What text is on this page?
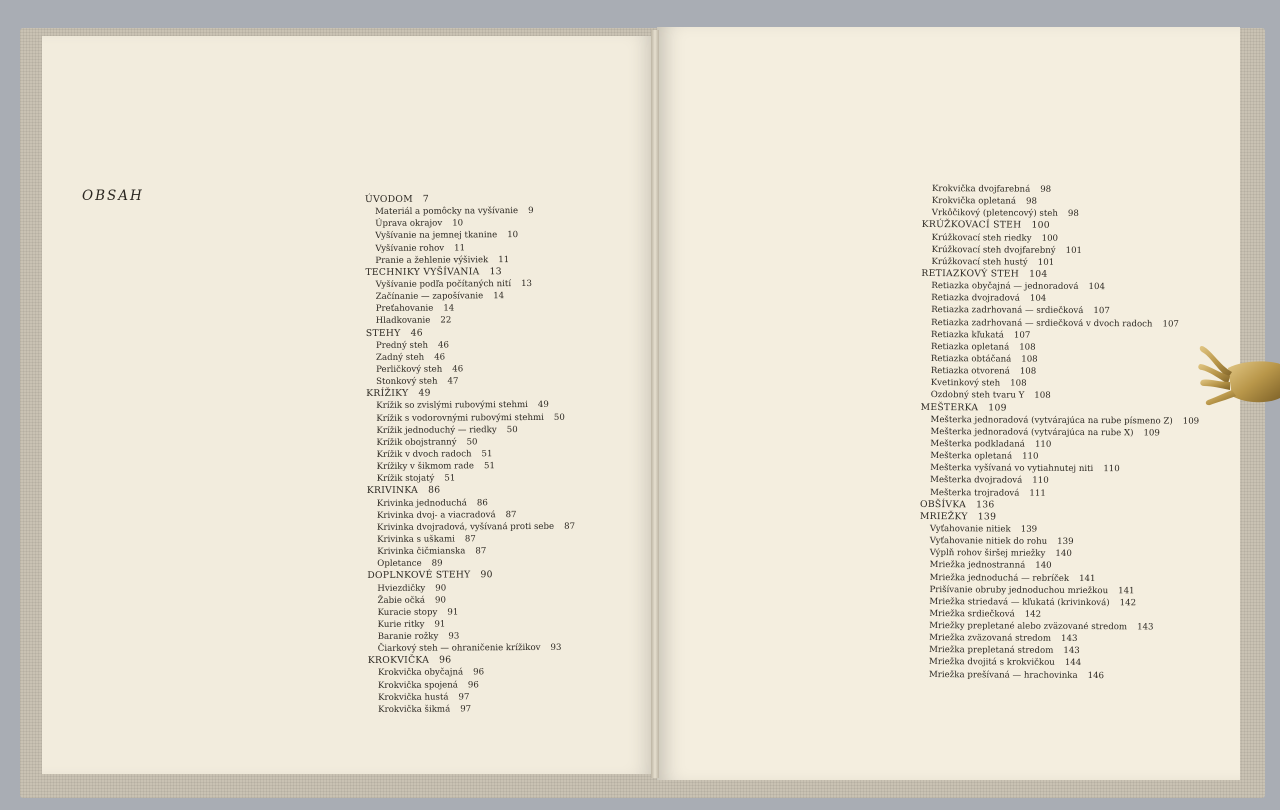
OBSAH	ÚVODOM 7
Materiál a pomôcky na vyšívanie 9
Úprava okrajov 10
Vyšívanie na jemnej tkanine 10
Vyšívanie rohov 11
Pranie a žehlenie výšiviek 11
TECHNIKY VYŠÍVANIA 13
Vyšívanie podľa počítaných nití 13
Začínanie — zapošívanie 14
Preťahovanie 14
Hladkovanie 22
STEHY 46
Predný steh 46
Zadný steh 46
Perličkový steh 46
Stonkový steh 47
KRÍŽIKY 49
Krížik so zvislými rubovými stehmi 49
Krížik s vodorovnými rubovými stehmi 50
Krížik jednoduchý — riedky 50
Krížik obojstranný 50
Krížik v dvoch radoch 51
Krížiky v šikmom rade 51
Krížik stojatý 51
KRIVINKA 86
Krivinka jednoduchá 86
Krivinka dvoj- a viacradová 87
Krivinka dvojradová, vyšívaná proti sebe 87
Krivinka s uškami 87
Krivinka čičmianska 87
Opletance 89
DOPLNKOVÉ STEHY 90
Hviezdičky 90
Žabie očká 90
Kuracie stopy 91
Kurie ritky 91
Baranie rožky 93
Čiarkový steh — ohraničenie krížikov 93
KROKVIČKA 96
Krokvička obyčajná 96
Krokvička spojená 96
Krokvička hustá 97
Krokvička šikmá 97
Krokvička dvojfarebná 98
Krokvička opletaná 98
Vrkôčikový (pletencový) steh 98
KRÚŽKOVACÍ STEH 100
Krúžkovací steh riedky 100
Krúžkovací steh dvojfarebný 101
Krúžkovací steh hustý 101
RETIAZKOVÝ STEH 104
Retiazka obyčajná — jednoradová 104
Retiazka dvojradová 104
Retiazka zadrhovaná — srdiečková 107
Retiazka zadrhovaná — srdiečková v dvoch radoch 107
Retiazka kľukatá 107
Retiazka opletaná 108
Retiazka obtáčaná 108
Retiazka otvorená 108
Kvetinkový steh 108
Ozdobný steh tvaru Y 108
MEŠTERKA 109
Mešterka jednoradová (vytvárajúca na rube písmeno Z) 109
Mešterka jednoradová (vytvárajúca na rube X) 109
Mešterka podkladaná 110
Mešterka opletaná 110
Mešterka vyšívaná vo vytiahnutej niti 110
Mešterka dvojradová 110
Mešterka trojradová 111
OBŠÍVKA 136
MRIEŽKY 139
Vyťahovanie nitiek 139
Vyťahovanie nitiek do rohu 139
Výplň rohov širšej mriežky 140
Mriežka jednostranná 140
Mriežka jednoduchá — rebríček 141
Prišívanie obruby jednoduchou mriežkou 141
Mriežka striedavá — kľukatá (krivinková) 142
Mriežka srdiečková 142
Mriežky prepletané alebo zväzované stredom 143
Mriežka zväzovaná stredom 143
Mriežka prepletaná stredom 143
Mriežka dvojitá s krokvičkou 144
Mriežka prešívaná — hrachovinka 146
